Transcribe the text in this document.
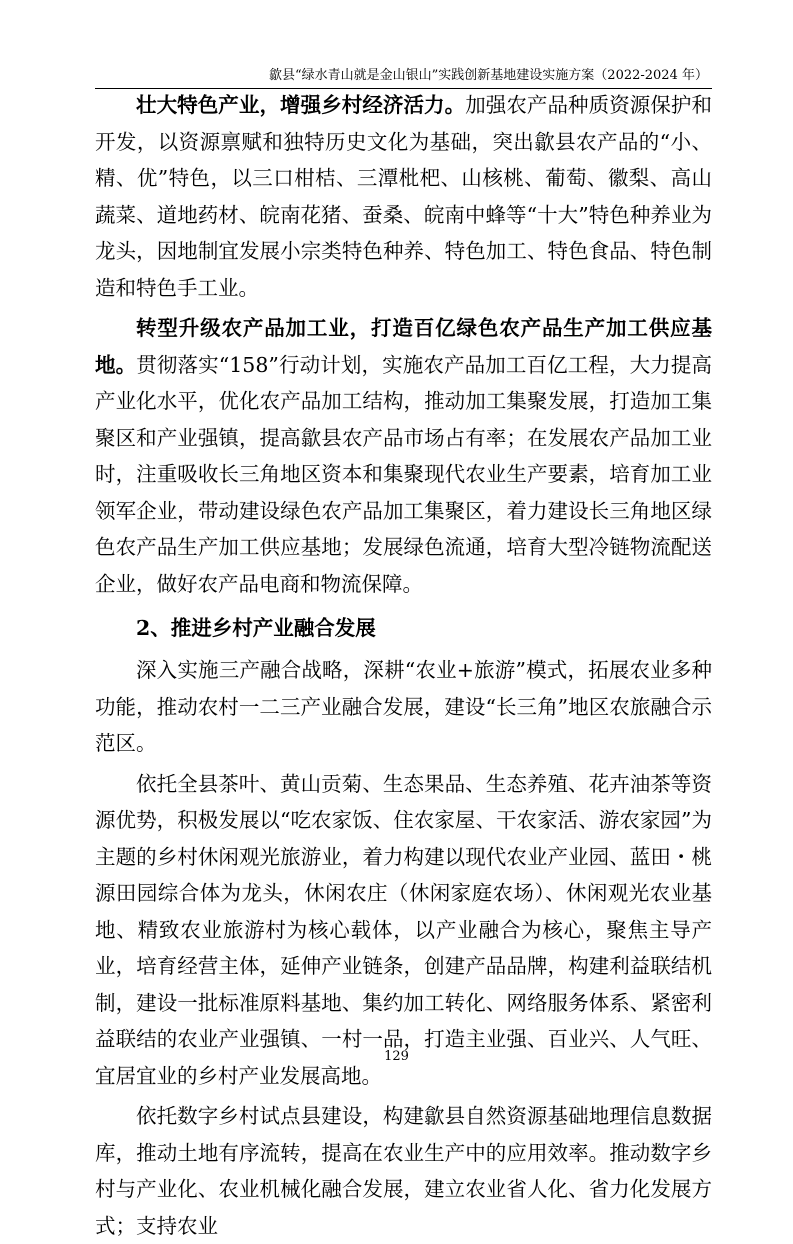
歙县“绿水青山就是金山银山”实践创新基地建设实施方案（2022-2024 年）

壮大特色产业，增强乡村经济活力。加强农产品种质资源保护和开发，以资源禀赋和独特历史文化为基础，突出歙县农产品的“小、精、优”特色，以三口柑桔、三潭枇杷、山核桃、葡萄、徽梨、高山蔬菜、道地药材、皖南花猪、蚕桑、皖南中蜂等“十大”特色种养业为龙头，因地制宜发展小宗类特色种养、特色加工、特色食品、特色制造和特色手工业。

转型升级农产品加工业，打造百亿绿色农产品生产加工供应基地。贯彻落实“158”行动计划，实施农产品加工百亿工程，大力提高产业化水平，优化农产品加工结构，推动加工集聚发展，打造加工集聚区和产业强镇，提高歙县农产品市场占有率；在发展农产品加工业时，注重吸收长三角地区资本和集聚现代农业生产要素，培育加工业领军企业，带动建设绿色农产品加工集聚区，着力建设长三角地区绿色农产品生产加工供应基地；发展绿色流通，培育大型冷链物流配送企业，做好农产品电商和物流保障。

2、推进乡村产业融合发展

深入实施三产融合战略，深耕“农业+旅游”模式，拓展农业多种功能，推动农村一二三产业融合发展，建设“长三角”地区农旅融合示范区。

依托全县茶叶、黄山贡菊、生态果品、生态养殖、花卉油茶等资源优势，积极发展以“吃农家饭、住农家屋、干农家活、游农家园”为主题的乡村休闲观光旅游业，着力构建以现代农业产业园、蓝田・桃源田园综合体为龙头，休闲农庄（休闲家庭农场）、休闲观光农业基地、精致农业旅游村为核心载体，以产业融合为核心，聚焦主导产业，培育经营主体，延伸产业链条，创建产品品牌，构建利益联结机制，建设一批标准原料基地、集约加工转化、网络服务体系、紧密利益联结的农业产业强镇、一村一品，打造主业强、百业兴、人气旺、宜居宜业的乡村产业发展高地。

依托数字乡村试点县建设，构建歙县自然资源基础地理信息数据库，推动土地有序流转，提高在农业生产中的应用效率。推动数字乡村与产业化、农业机械化融合发展，建立农业省人化、省力化发展方式；支持农业

129
